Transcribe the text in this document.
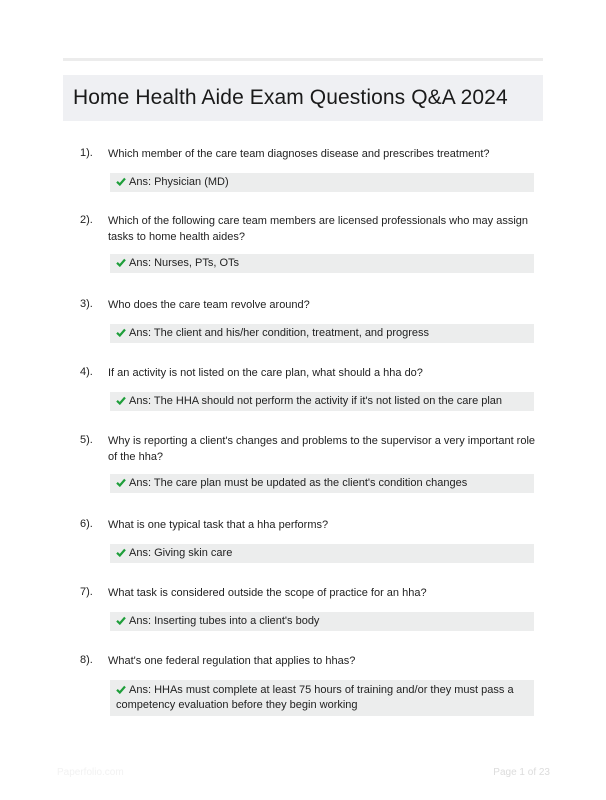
Home Health Aide Exam Questions Q&A 2024
1). Which member of the care team diagnoses disease and prescribes treatment?
Ans: Physician (MD)
2). Which of the following care team members are licensed professionals who may assign tasks to home health aides?
Ans: Nurses, PTs, OTs
3). Who does the care team revolve around?
Ans: The client and his/her condition, treatment, and progress
4). If an activity is not listed on the care plan, what should a hha do?
Ans: The HHA should not perform the activity if it's not listed on the care plan
5). Why is reporting a client's changes and problems to the supervisor a very important role of the hha?
Ans: The care plan must be updated as the client's condition changes
6). What is one typical task that a hha performs?
Ans: Giving skin care
7). What task is considered outside the scope of practice for an hha?
Ans: Inserting tubes into a client's body
8). What's one federal regulation that applies to hhas?
Ans: HHAs must complete at least 75 hours of training and/or they must pass a competency evaluation before they begin working
Paperfolio.com	Page 1 of 23
